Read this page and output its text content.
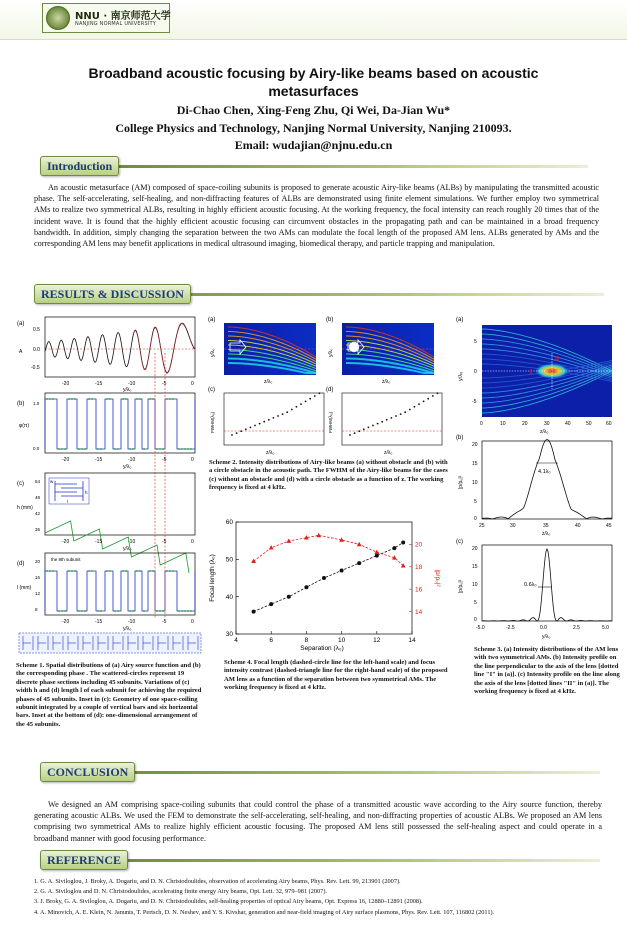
NNU · 南京师范大学
NANJING NORMAL UNIVERSITY
Broadband acoustic focusing by Airy-like beams based on acoustic
metasurfaces
Di-Chao Chen, Xing-Feng Zhu, Qi Wei, Da-Jian Wu*
College Physics and Technology, Nanjing Normal University, Nanjing 210093.
Email: wudajian@njnu.edu.cn
Introduction
An acoustic metasurface (AM) composed of space-coiling subunits is proposed to generate acoustic Airy-like beams (ALBs) by manipulating the transmitted acoustic phase. The self-accelerating, self-healing, and non-diffracting features of ALBs are demonstrated using finite element simulations. We further employ two symmetrical AMs to realize two symmetrical ALBs, resulting in highly efficient acoustic focusing. At the working frequency, the focal intensity can reach roughly 20 times that of the incident wave. It is found that the highly efficient acoustic focusing can circumvent obstacles in the propagating path and can be maintained in a broad frequency bandwidth. In addition, simply changing the separation between the two AMs can modulate the focal length of the proposed AM lens. ALBs generated by AMs and the corresponding AM lens may benefit applications in medical ultrasound imaging, biomedical therapy, and particle trapping and manipulation.
RESULTS & DISCUSSION
(a)
A
0.5
0.0
-0.5
(b)
φ(π)
1.0
0.0
(c)
h (mm)
54
48
42
36
h
l
w
(d)
l (mm)
20
16
12
8
the 9th subunit
-20	-15	-10	-5	0
y/λ₀
-20	-15	-10	-5	0
y/λ₀
-20	-15	-10	-5	0
y/λ₀
-20	-15	-10	-5	0
y/λ₀
Scheme 1. Spatial distributions of (a) Airy source function and (b) the corresponding phase . The scattered-circles represent 19 discrete phase sections including 45 subunits. Variations of (c) width h and (d) length l of each subunit for achieving the required phases of 45 subunits. Inset in (c): Geometry of one space-coiling subunit integrated by a couple of vertical bars and six horizontal bars. Inset at the bottom of (d): one-dimensional arrangement of the 45 subunits.
(a)	(b)
y/λ₀	y/λ₀
z/λ₀	z/λ₀
(c)	(d)
FWHM(λ₀)	FWHM(λ₀)
z/λ₀	z/λ₀
Scheme 2. Intensity distributions of Airy-like beams (a) without obstacle and (b) with a circle obstacle in the acoustic path. The FWHM of the Airy-like beams for the cases (c) without an obstacle and (d) with a circle obstacle as a function of z. The working frequency is fixed at 4 kHz.
Separation (λ₀)
Focal length (λ₀)	|p/p₀|²
4	6	8	10	12	14
30
40
50
60
14
16
18
20
Scheme 4. Focal length (dashed-circle line for the left-hand scale) and focus intensity contrast (dashed-triangle line for the right-hand scale) of the proposed AM lens as a function of the separation between two symmetrical AMs. The working frequency is fixed at 4 kHz.
(a)
I
II
y/λ₀
5
0
-5
0	10	20	30	40	50	60
z/λ₀
(b)
4.1λ₀
|p/p₀|²
20
15
10
5
0
25	30	35	40	45
z/λ₀
(c)
0.6λ₀
|p/p₀|²
20
15
10
5
0
-5.0	-2.5	0.0	2.5	5.0
y/λ₀
Scheme 3. (a) Intensity distributions of the AM lens with two symmetrical AMs. (b) Intensity profile on the line perpendicular to the axis of the lens [dotted line "I" in (a)]. (c) Intensity profile on the line along the axis of the lens [dotted lines "II" in (a)]. The working frequency is fixed at 4 kHz.
CONCLUSION
We designed an AM comprising space-coiling subunits that could control the phase of a transmitted acoustic wave according to the Airy source function, thereby generating acoustic ALBs. We used the FEM to demonstrate the self-accelerating, self-healing, and non-diffracting properties of acoustic ALBs. We proposed an AM lens comprising two symmetrical AMs to realize highly efficient acoustic focusing. The proposed AM lens still possessed the self-healing aspect and could operate in a broadband manner with good focusing performance.
REFERENCE
1. G. A. Siviloglou, J. Broky, A. Dogariu, and D. N. Christodoulides, observation of accelerating Airy beams, Phys. Rev. Lett. 99, 213901 (2007).
2. G. A. Siviloglou and D. N. Christodoulides, accelerating finite energy Airy beams, Opt. Lett. 32, 979–981 (2007).
3. J. Broky, G. A. Siviloglou, A. Dogariu, and D. N. Christodoulides, self-healing properties of optical Airy beams, Opt. Express 16, 12880–12891 (2008).
4. A. Minovich, A. E. Klein, N. Janunts, T. Pertsch, D. N. Neshev, and Y. S. Kivshar, generation and near-field imaging of Airy surface plasmons, Phys. Rev. Lett. 107, 116802 (2011).
